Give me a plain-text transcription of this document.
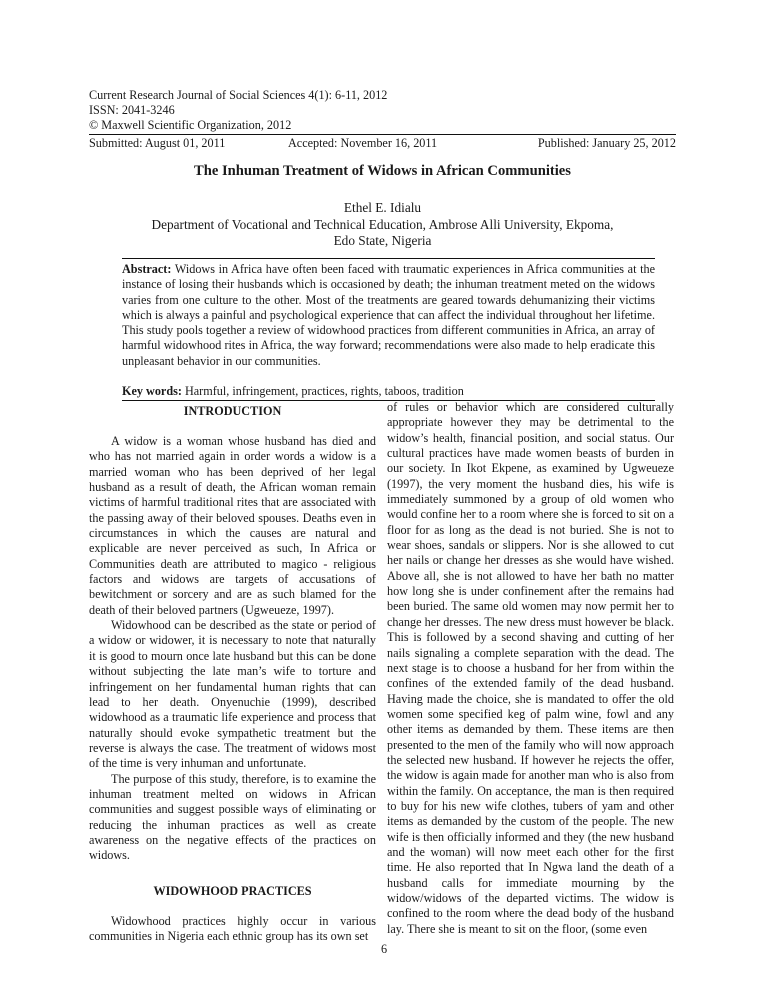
Current Research Journal of Social Sciences 4(1): 6-11, 2012
ISSN: 2041-3246
© Maxwell Scientific Organization, 2012
Submitted: August 01, 2011	Accepted: November 16, 2011	Published: January 25, 2012
The Inhuman Treatment of Widows in African Communities
Ethel E. Idialu
Department of Vocational and Technical Education, Ambrose Alli University, Ekpoma,
Edo State, Nigeria
Abstract: Widows in Africa have often been faced with traumatic experiences in Africa communities at the instance of losing their husbands which is occasioned by death; the inhuman treatment meted on the widows varies from one culture to the other. Most of the treatments are geared towards dehumanizing their victims which is always a painful and psychological experience that can affect the individual throughout her lifetime. This study pools together a review of widowhood practices from different communities in Africa, an array of harmful widowhood rites in Africa, the way forward; recommendations were also made to help eradicate this unpleasant behavior in our communities.
Key words: Harmful, infringement, practices, rights, taboos, tradition
INTRODUCTION

A widow is a woman whose husband has died and who has not married again in order words a widow is a married woman who has been deprived of her legal husband as a result of death, the African woman remain victims of harmful traditional rites that are associated with the passing away of their beloved spouses. Deaths even in circumstances in which the causes are natural and explicable are never perceived as such, In Africa or Communities death are attributed to magico - religious factors and widows are targets of accusations of bewitchment or sorcery and are as such blamed for the death of their beloved partners (Ugweueze, 1997).

Widowhood can be described as the state or period of a widow or widower, it is necessary to note that naturally it is good to mourn once late husband but this can be done without subjecting the late man’s wife to torture and infringement on her fundamental human rights that can lead to her death. Onyenuchie (1999), described widowhood as a traumatic life experience and process that naturally should evoke sympathetic treatment but the reverse is always the case. The treatment of widows most of the time is very inhuman and unfortunate.

The purpose of this study, therefore, is to examine the inhuman treatment melted on widows in African communities and suggest possible ways of eliminating or reducing the inhuman practices as well as create awareness on the negative effects of the practices on widows.

WIDOWHOOD PRACTICES

Widowhood practices highly occur in various communities in Nigeria each ethnic group has its own set

of rules or behavior which are considered culturally appropriate however they may be detrimental to the widow’s health, financial position, and social status. Our cultural practices have made women beasts of burden in our society. In Ikot Ekpene, as examined by Ugweueze (1997), the very moment the husband dies, his wife is immediately summoned by a group of old women who would confine her to a room where she is forced to sit on a floor for as long as the dead is not buried. She is not to wear shoes, sandals or slippers. Nor is she allowed to cut her nails or change her dresses as she would have wished. Above all, she is not allowed to have her bath no matter how long she is under confinement after the remains had been buried. The same old women may now permit her to change her dresses. The new dress must however be black. This is followed by a second shaving and cutting of her nails signaling a complete separation with the dead. The next stage is to choose a husband for her from within the confines of the extended family of the dead husband. Having made the choice, she is mandated to offer the old women some specified keg of palm wine, fowl and any other items as demanded by them. These items are then presented to the men of the family who will now approach the selected new husband. If however he rejects the offer, the widow is again made for another man who is also from within the family. On acceptance, the man is then required to buy for his new wife clothes, tubers of yam and other items as demanded by the custom of the people. The new wife is then officially informed and they (the new husband and the woman) will now meet each other for the first time. He also reported that In Ngwa land the death of a husband calls for immediate mourning by the widow/widows of the departed victims. The widow is confined to the room where the dead body of the husband lay. There she is meant to sit on the floor, (some even

6
